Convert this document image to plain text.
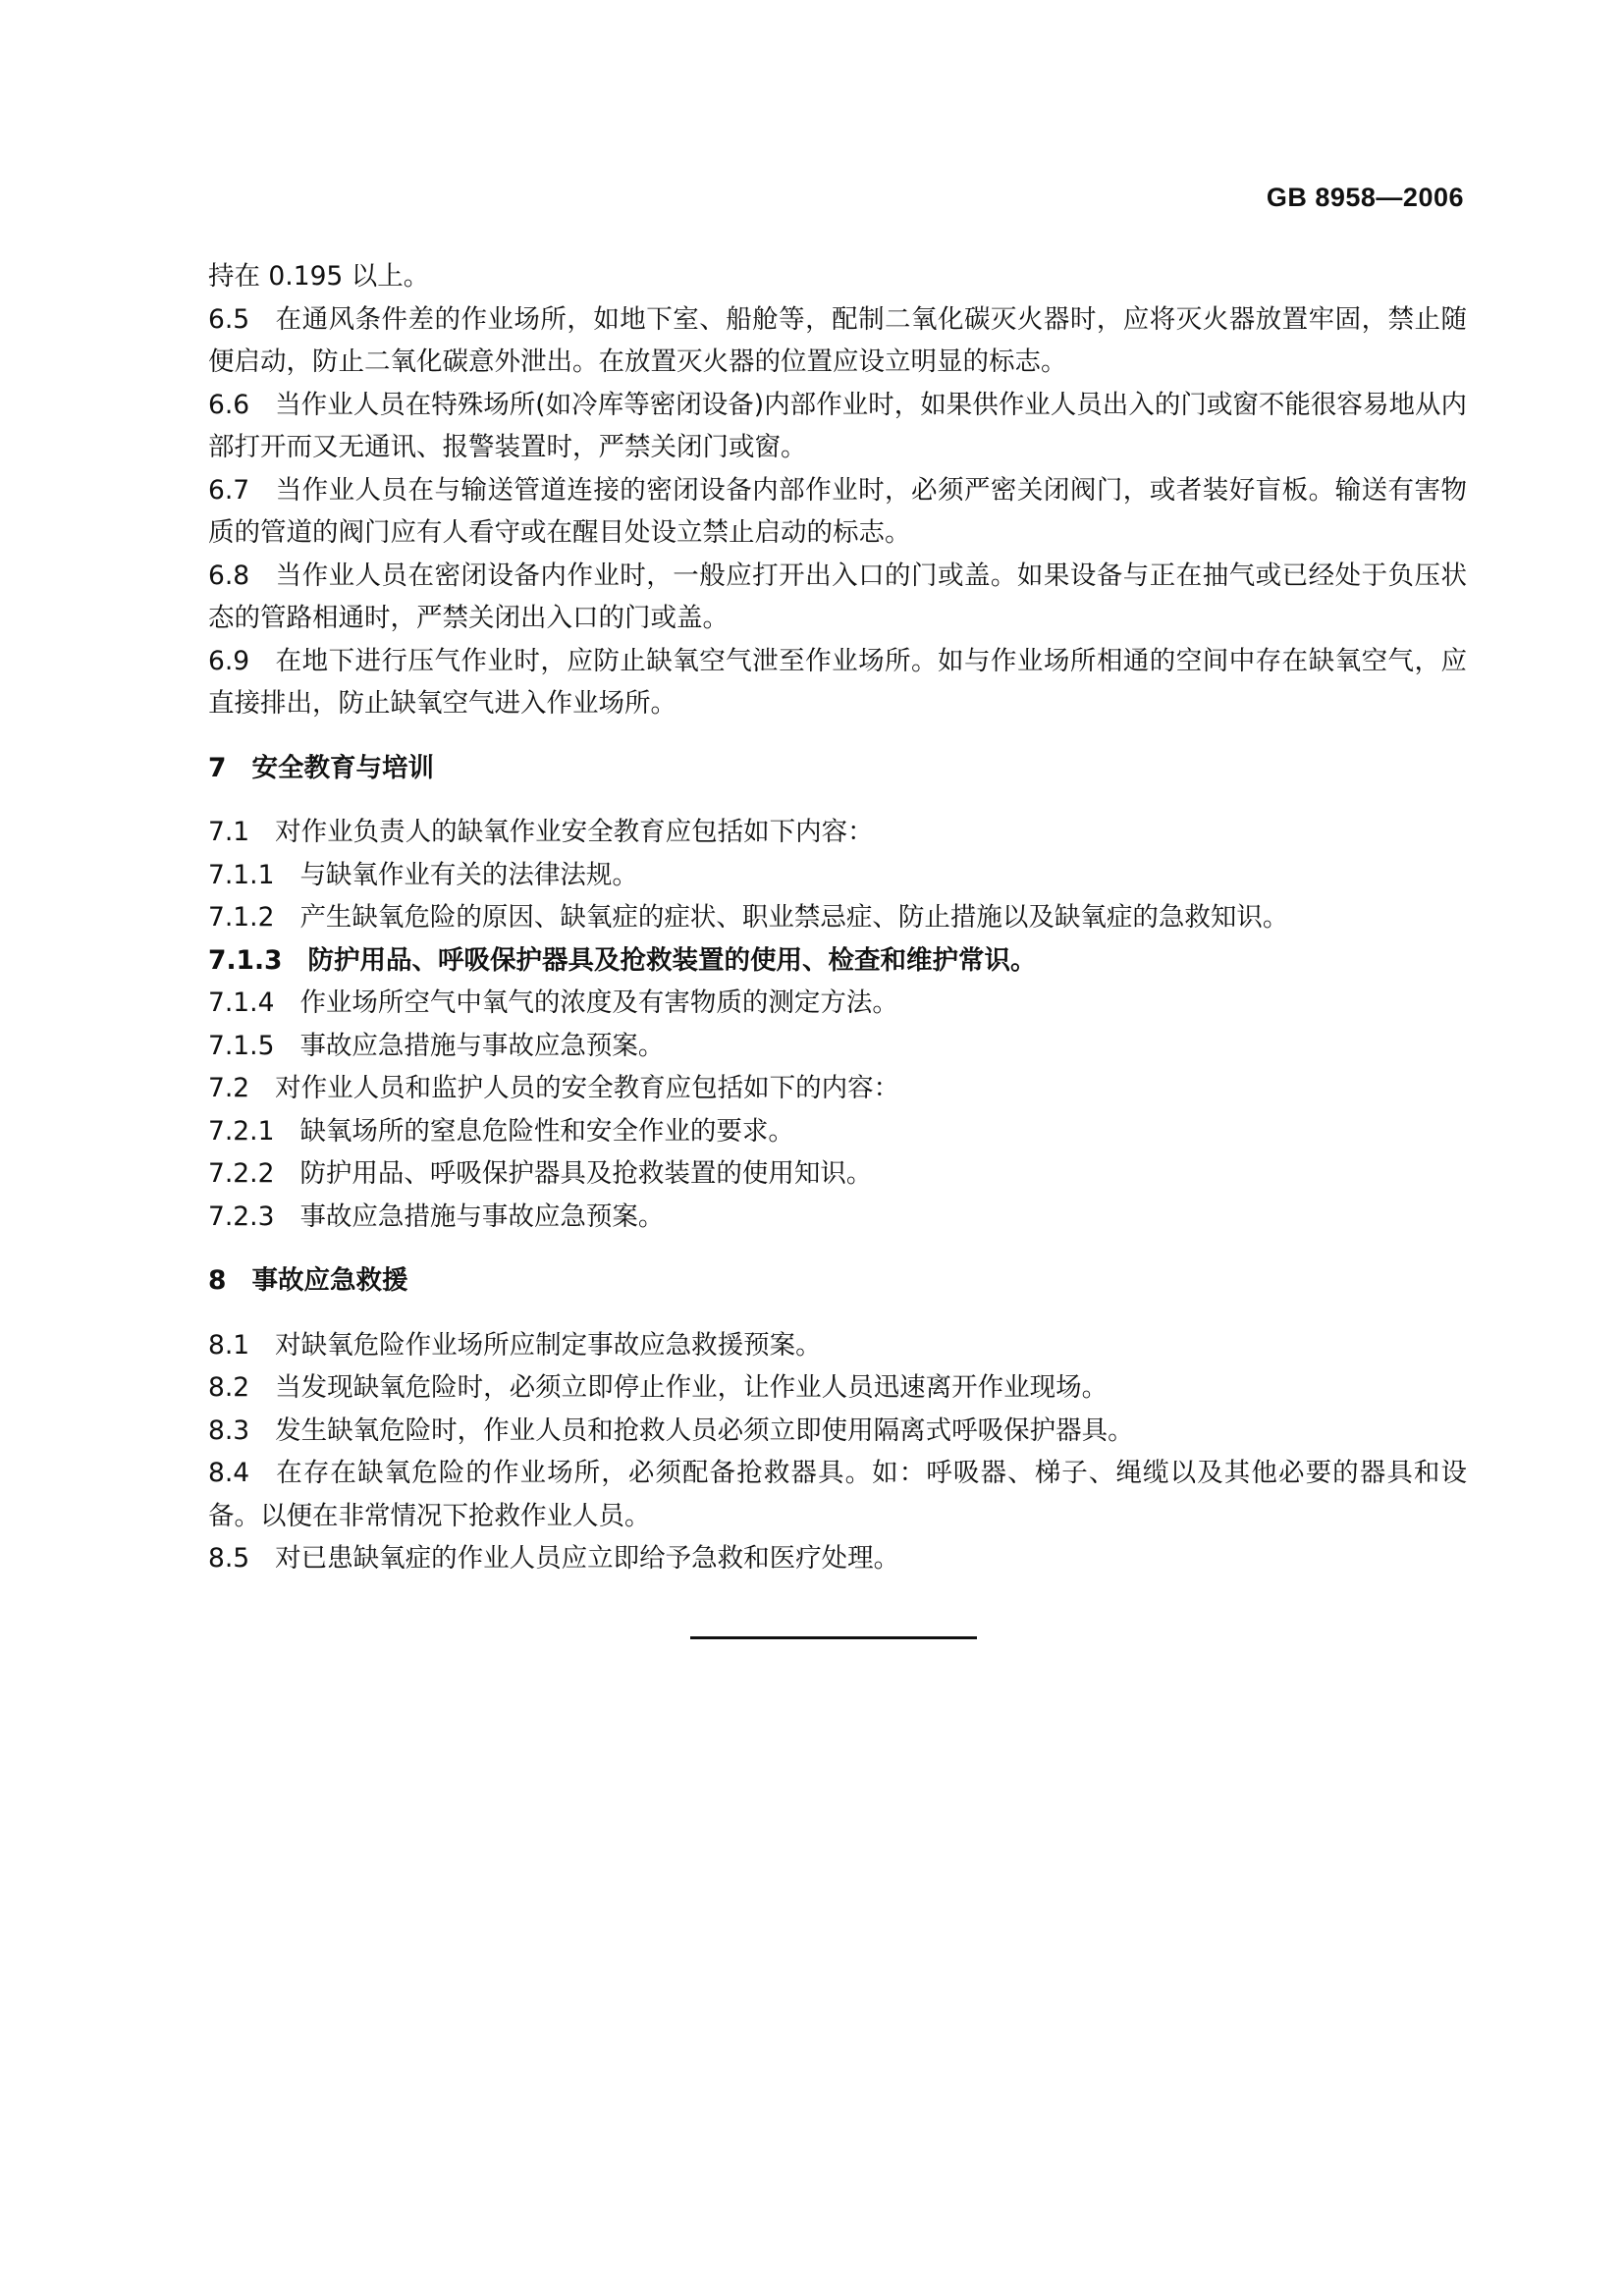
GB 8958—2006

持在 0.195 以上。

6.5 在通风条件差的作业场所，如地下室、船舱等，配制二氧化碳灭火器时，应将灭火器放置牢固，禁止随便启动，防止二氧化碳意外泄出。在放置灭火器的位置应设立明显的标志。

6.6 当作业人员在特殊场所(如冷库等密闭设备)内部作业时，如果供作业人员出入的门或窗不能很容易地从内部打开而又无通讯、报警装置时，严禁关闭门或窗。

6.7 当作业人员在与输送管道连接的密闭设备内部作业时，必须严密关闭阀门，或者装好盲板。输送有害物质的管道的阀门应有人看守或在醒目处设立禁止启动的标志。

6.8 当作业人员在密闭设备内作业时，一般应打开出入口的门或盖。如果设备与正在抽气或已经处于负压状态的管路相通时，严禁关闭出入口的门或盖。

6.9 在地下进行压气作业时，应防止缺氧空气泄至作业场所。如与作业场所相通的空间中存在缺氧空气，应直接排出，防止缺氧空气进入作业场所。

7 安全教育与培训

7.1 对作业负责人的缺氧作业安全教育应包括如下内容：

7.1.1 与缺氧作业有关的法律法规。

7.1.2 产生缺氧危险的原因、缺氧症的症状、职业禁忌症、防止措施以及缺氧症的急救知识。

7.1.3 防护用品、呼吸保护器具及抢救装置的使用、检查和维护常识。

7.1.4 作业场所空气中氧气的浓度及有害物质的测定方法。

7.1.5 事故应急措施与事故应急预案。

7.2 对作业人员和监护人员的安全教育应包括如下的内容：

7.2.1 缺氧场所的窒息危险性和安全作业的要求。

7.2.2 防护用品、呼吸保护器具及抢救装置的使用知识。

7.2.3 事故应急措施与事故应急预案。

8 事故应急救援

8.1 对缺氧危险作业场所应制定事故应急救援预案。

8.2 当发现缺氧危险时，必须立即停止作业，让作业人员迅速离开作业现场。

8.3 发生缺氧危险时，作业人员和抢救人员必须立即使用隔离式呼吸保护器具。

8.4 在存在缺氧危险的作业场所，必须配备抢救器具。如：呼吸器、梯子、绳缆以及其他必要的器具和设备。以便在非常情况下抢救作业人员。

8.5 对已患缺氧症的作业人员应立即给予急救和医疗处理。
